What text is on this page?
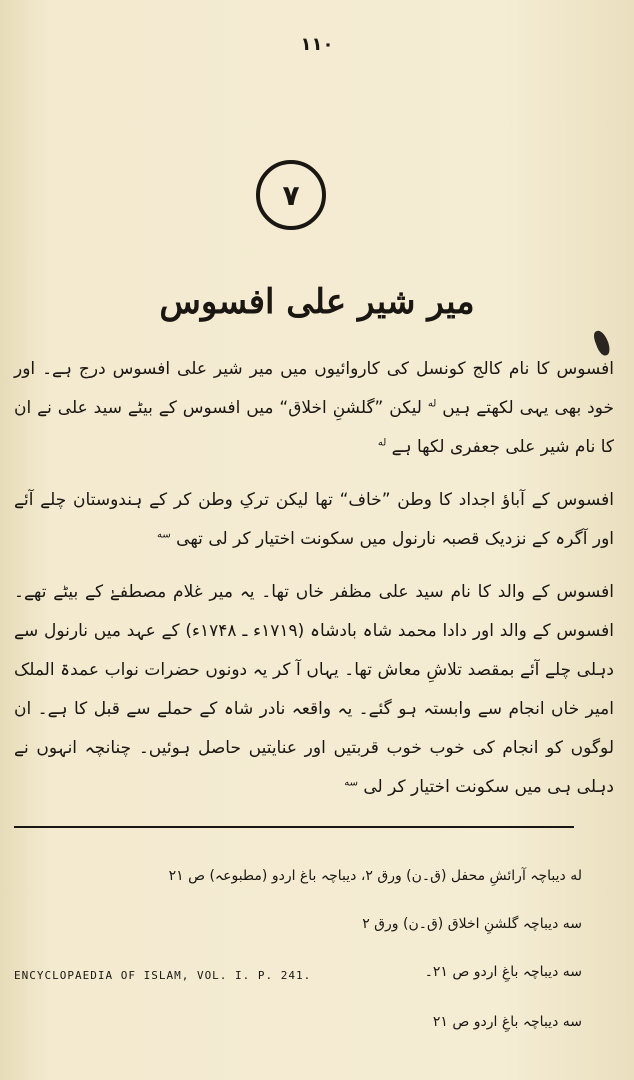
١١٠
٧
میر شیر علی افسوس

افسوس کا نام کالج کونسل کی کاروائیوں میں میر شیر علی افسوس درج ہے۔ اور خود بھی یہی لکھتے ہیں $^{له}$ لیکن ”گلشنِ اخلاق“ میں افسوس کے بیٹے سید علی نے ان کا نام شیر علی جعفری لکھا ہے $^{له}$

افسوس کے آباؤ اجداد کا وطن ”خاف“ تھا لیکن ترکِ وطن کر کے ہندوستان چلے آئے اور آگرہ کے نزدیک قصبہ نارنول میں سکونت اختیار کر لی تھی $^{سه}$

افسوس کے والد کا نام سید علی مظفر خاں تھا۔ یہ میر غلام مصطفےٰ کے بیٹے تھے۔ افسوس کے والد اور دادا محمد شاہ بادشاہ (۱۷۱۹ء ـ ۱۷۴۸ء) کے عہد میں نارنول سے دہلی چلے آئے بمقصد تلاشِ معاش تھا۔ یہاں آ کر یہ دونوں حضرات نواب عمدۃ الملک امیر خاں انجام سے وابستہ ہو گئے۔ یہ واقعہ نادر شاہ کے حملے سے قبل کا ہے۔ ان لوگوں کو انجام کی خوب خوب قربتیں اور عنایتیں حاصل ہوئیں۔ چنانچہ انہوں نے دہلی ہی میں سکونت اختیار کر لی $^{سه}$

له دیباچہ آرائشِ محفل (ق۔ن) ورق ۲، دیباچہ باغ اردو (مطبوعہ) ص ۲۱
سه دیباچہ گلشنِ اخلاق (ق۔ن) ورق ۲
سه دیباچہ باغِ اردو ص ۲۱۔
ENCYCLOPAEDIA OF ISLAM, VOL. I. P. 241.
سه دیباچہ باغِ اردو ص ۲۱
